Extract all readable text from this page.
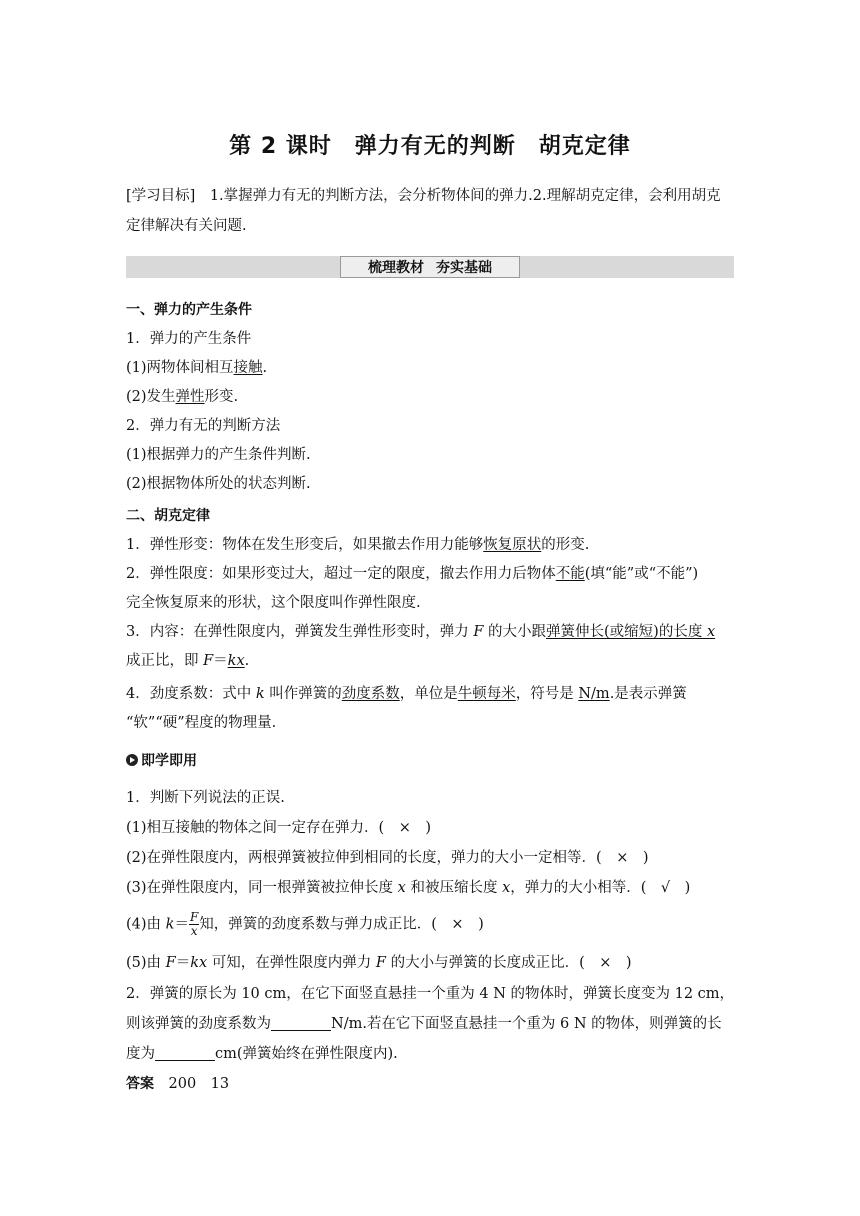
第 2 课时　弹力有无的判断　胡克定律
[学习目标]　1.掌握弹力有无的判断方法，会分析物体间的弹力.2.理解胡克定律，会利用胡克
定律解决有关问题.
梳理教材 夯实基础
一、弹力的产生条件
1．弹力的产生条件
(1)两物体间相互接触.
(2)发生弹性形变.
2．弹力有无的判断方法
(1)根据弹力的产生条件判断.
(2)根据物体所处的状态判断.
二、胡克定律
1．弹性形变：物体在发生形变后，如果撤去作用力能够恢复原状的形变.
2．弹性限度：如果形变过大，超过一定的限度，撤去作用力后物体不能(填“能”或“不能”)
完全恢复原来的形状，这个限度叫作弹性限度.
3．内容：在弹性限度内，弹簧发生弹性形变时，弹力 F 的大小跟弹簧伸长(或缩短)的长度 x
成正比，即 F＝kx.
4．劲度系数：式中 k 叫作弹簧的劲度系数，单位是牛顿每米，符号是 N/m.是表示弹簧
“软”“硬”程度的物理量.
即学即用
1．判断下列说法的正误.
(1)相互接触的物体之间一定存在弹力．(　×　)
(2)在弹性限度内，两根弹簧被拉伸到相同的长度，弹力的大小一定相等．(　×　)
(3)在弹性限度内，同一根弹簧被拉伸长度 x 和被压缩长度 x，弹力的大小相等．(　√　)
(4)由 $k= \frac{F}{x}$ 知，弹簧的劲度系数与弹力成正比．(　×　)
(5)由 F＝kx 可知，在弹性限度内弹力 F 的大小与弹簧的长度成正比．(　×　)
2．弹簧的原长为 10 cm，在它下面竖直悬挂一个重为 4 N 的物体时，弹簧长度变为 12 cm，
则该弹簧的劲度系数为	N/m.若在它下面竖直悬挂一个重为 6 N 的物体，则弹簧的长
度为	cm(弹簧始终在弹性限度内).
答案　200　13
